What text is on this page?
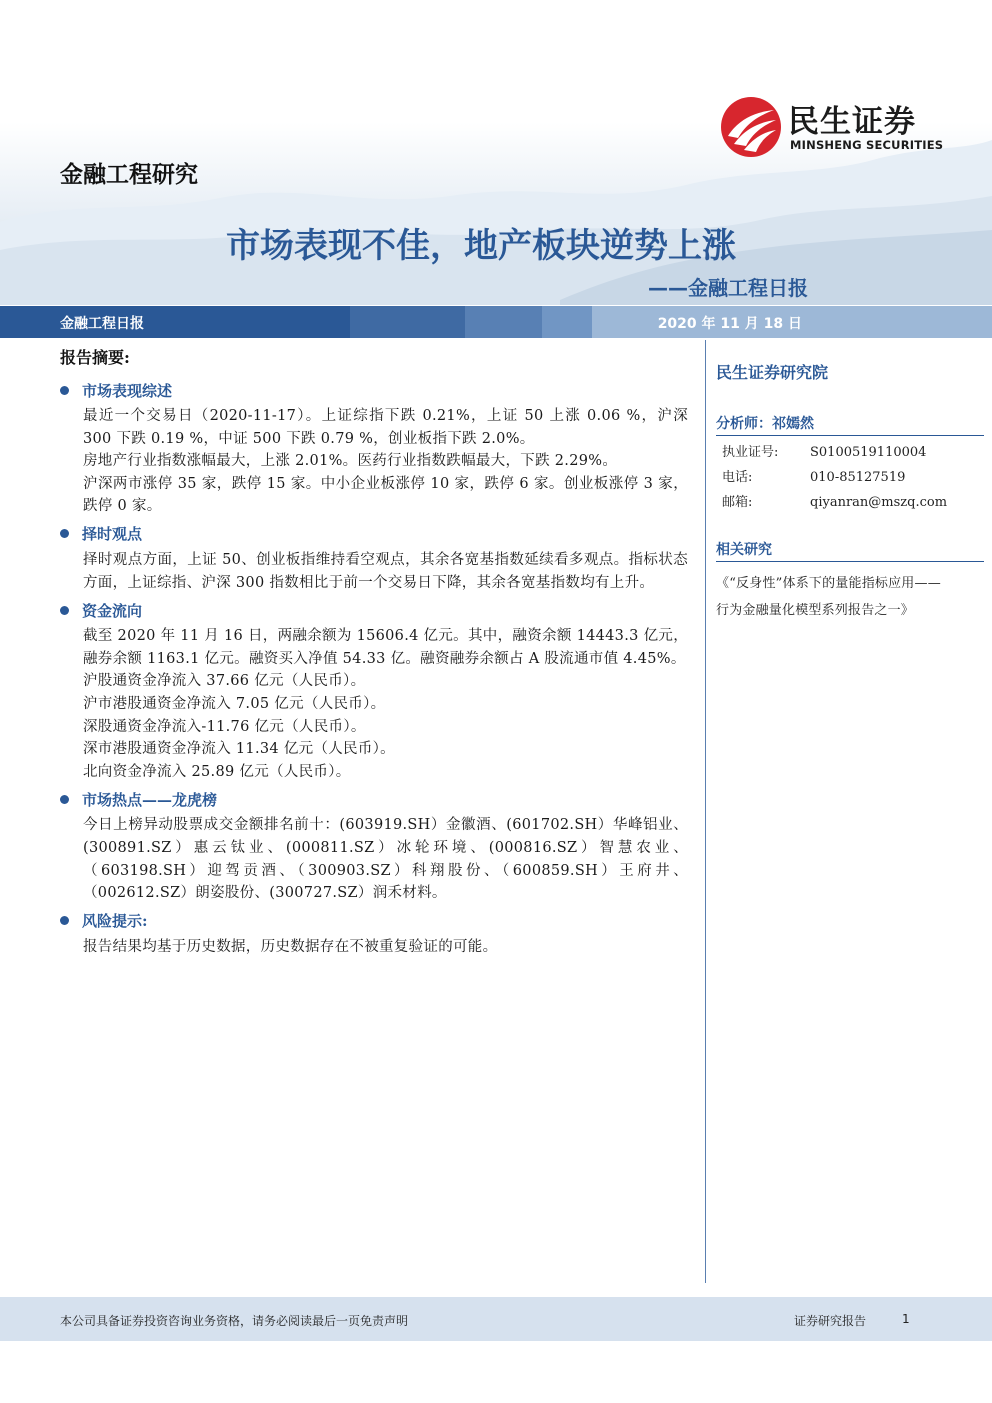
金融工程研究
民生证券
MINSHENG SECURITIES
市场表现不佳，地产板块逆势上涨
——金融工程日报
金融工程日报	2020 年 11 月 18 日
报告摘要:
市场表现综述

最近一个交易日（2020-11-17）。上证综指下跌 0.21%，上证 50 上涨 0.06 %，沪深 300 下跌 0.19 %，中证 500 下跌 0.79 %，创业板指下跌 2.0%。

房地产行业指数涨幅最大，上涨 2.01%。医药行业指数跌幅最大，下跌 2.29%。

沪深两市涨停 35 家，跌停 15 家。中小企业板涨停 10 家，跌停 6 家。创业板涨停 3 家，跌停 0 家。

择时观点

择时观点方面，上证 50、创业板指维持看空观点，其余各宽基指数延续看多观点。指标状态方面，上证综指、沪深 300 指数相比于前一个交易日下降，其余各宽基指数均有上升。

资金流向

截至 2020 年 11 月 16 日，两融余额为 15606.4 亿元。其中，融资余额 14443.3 亿元，融券余额 1163.1 亿元。融资买入净值 54.33 亿。融资融券余额占 A 股流通市值 4.45%。

沪股通资金净流入 37.66 亿元（人民币）。

沪市港股通资金净流入 7.05 亿元（人民币）。

深股通资金净流入-11.76 亿元（人民币）。

深市港股通资金净流入 11.34 亿元（人民币）。

北向资金净流入 25.89 亿元（人民币）。

市场热点——龙虎榜

今日上榜异动股票成交金额排名前十：(603919.SH）金徽酒、(601702.SH）华峰铝业、(300891.SZ）惠云钛业、(000811.SZ）冰轮环境、(000816.SZ）智慧农业、（603198.SH）迎驾贡酒、（300903.SZ）科翔股份、（600859.SH）王府井、（002612.SZ）朗姿股份、(300727.SZ）润禾材料。

风险提示:

报告结果均基于历史数据，历史数据存在不被重复验证的可能。

民生证券研究院
分析师：祁嫣然
执业证号:	S0100519110004
电话:	010-85127519
邮箱:	qiyanran@mszq.com
相关研究
《“反身性”体系下的量能指标应用——
行为金融量化模型系列报告之一》
本公司具备证券投资咨询业务资格，请务必阅读最后一页免责声明	证券研究报告	1
